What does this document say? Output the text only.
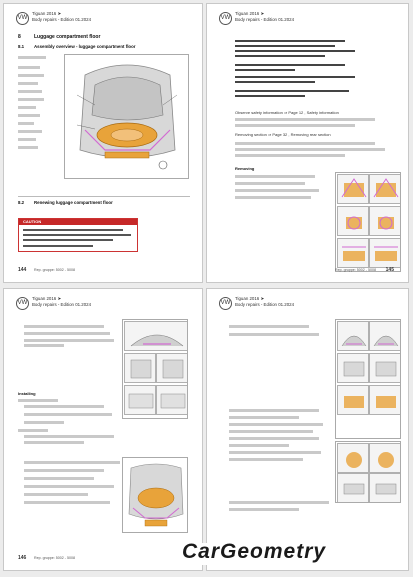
VW
Tiguan 2016 ➤
Body repairs - Edition 01.2024
8	Luggage compartment floor
8.1 Assembly overview - luggage compartment floor
8.2 Renewing luggage compartment floor
CAUTION
144 Rep. gruppe: 5002 - 5008
VW
Tiguan 2016 ➤
Body repairs - Edition 01.2024
Observe safety information ⇒ Page 12 , Safety information
Removing section ⇒ Page 32 , Removing rear section
Removing
145
Rep. gruppe: 5002 - 5008
VW
Tiguan 2016 ➤
Body repairs - Edition 01.2024
Installing
146 Rep. gruppe: 5002 - 5008
VW
Tiguan 2016 ➤
Body repairs - Edition 01.2024
CarGeometry
